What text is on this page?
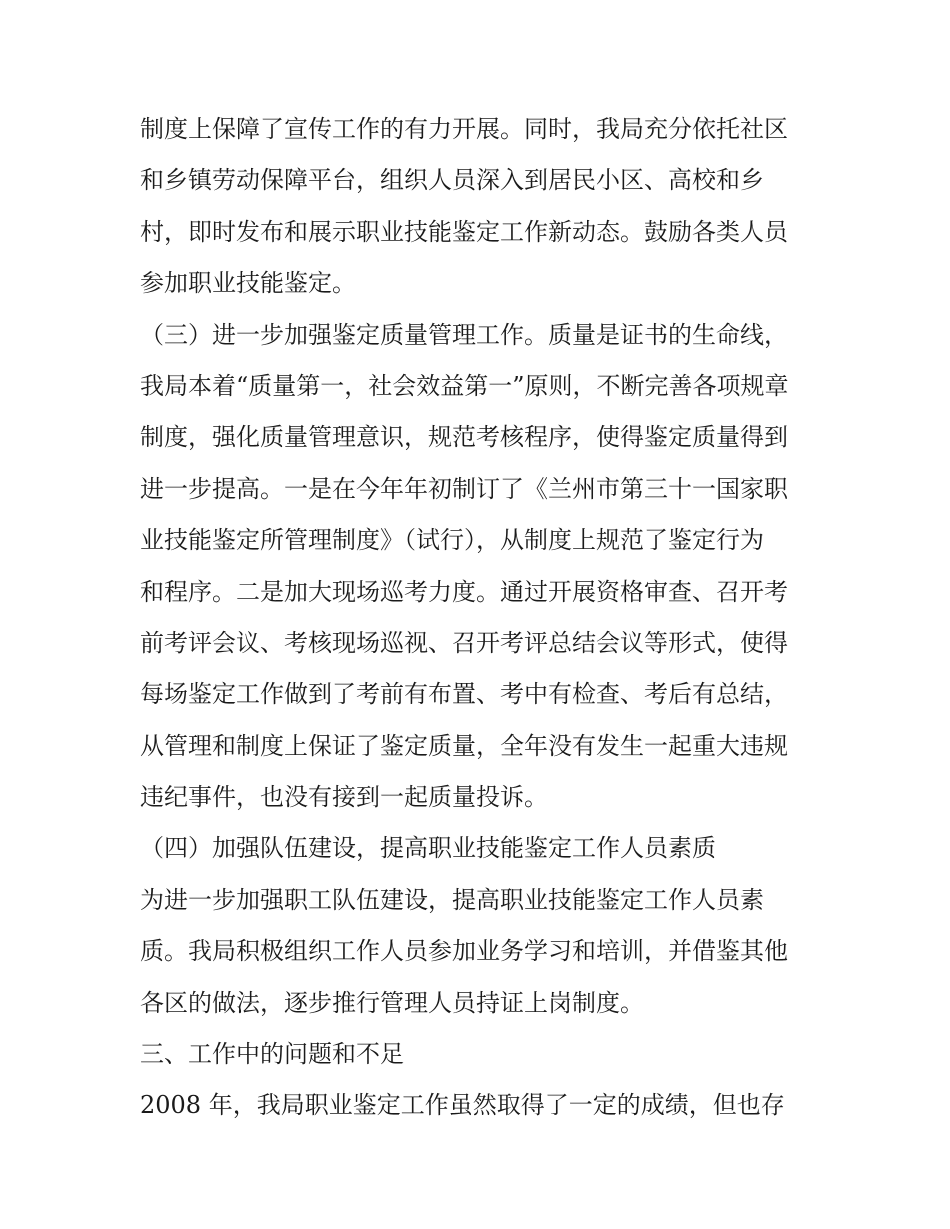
制度上保障了宣传工作的有力开展。同时，我局充分依托社区
和乡镇劳动保障平台，组织人员深入到居民小区、高校和乡
村，即时发布和展示职业技能鉴定工作新动态。鼓励各类人员
参加职业技能鉴定。
（三）进一步加强鉴定质量管理工作。质量是证书的生命线，
我局本着“质量第一，社会效益第一”原则，不断完善各项规章
制度，强化质量管理意识，规范考核程序，使得鉴定质量得到
进一步提高。一是在今年年初制订了《兰州市第三十一国家职
业技能鉴定所管理制度》（试行），从制度上规范了鉴定行为
和程序。二是加大现场巡考力度。通过开展资格审查、召开考
前考评会议、考核现场巡视、召开考评总结会议等形式，使得
每场鉴定工作做到了考前有布置、考中有检查、考后有总结，
从管理和制度上保证了鉴定质量，全年没有发生一起重大违规
违纪事件，也没有接到一起质量投诉。
（四）加强队伍建设，提高职业技能鉴定工作人员素质
为进一步加强职工队伍建设，提高职业技能鉴定工作人员素
质。我局积极组织工作人员参加业务学习和培训，并借鉴其他
各区的做法，逐步推行管理人员持证上岗制度。
三、工作中的问题和不足
2008 年，我局职业鉴定工作虽然取得了一定的成绩，但也存
